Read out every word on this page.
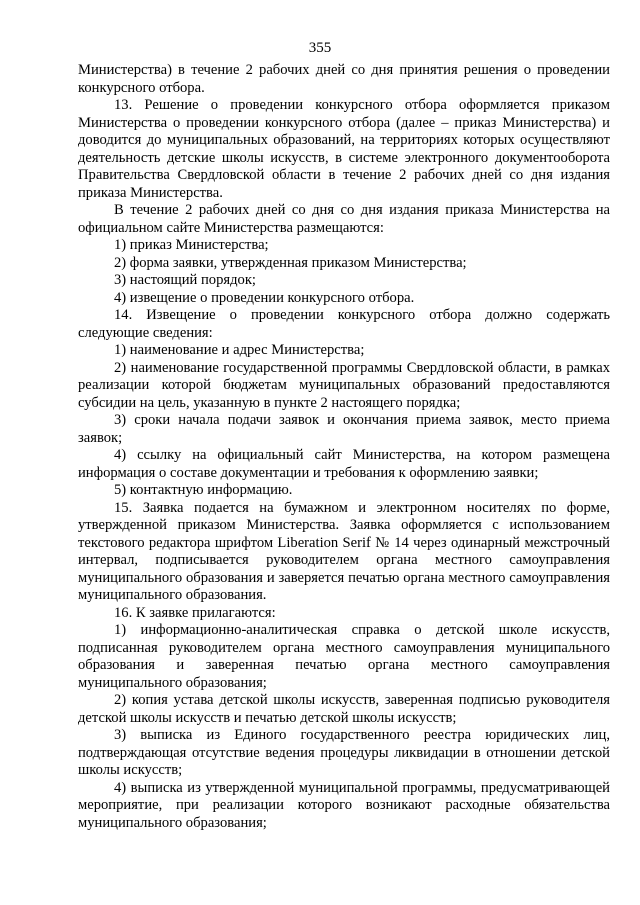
355

Министерства) в течение 2 рабочих дней со дня принятия решения о проведении конкурсного отбора.

13. Решение о проведении конкурсного отбора оформляется приказом Министерства о проведении конкурсного отбора (далее – приказ Министерства) и доводится до муниципальных образований, на территориях которых осуществляют деятельность детские школы искусств, в системе электронного документооборота Правительства Свердловской области в течение 2 рабочих дней со дня издания приказа Министерства.

В течение 2 рабочих дней со дня со дня издания приказа Министерства на официальном сайте Министерства размещаются:

1) приказ Министерства;

2) форма заявки, утвержденная приказом Министерства;

3) настоящий порядок;

4) извещение о проведении конкурсного отбора.

14. Извещение о проведении конкурсного отбора должно содержать следующие сведения:

1) наименование и адрес Министерства;

2) наименование государственной программы Свердловской области, в рамках реализации которой бюджетам муниципальных образований предоставляются субсидии на цель, указанную в пункте 2 настоящего порядка;

3) сроки начала подачи заявок и окончания приема заявок, место приема заявок;

4) ссылку на официальный сайт Министерства, на котором размещена информация о составе документации и требования к оформлению заявки;

5) контактную информацию.

15. Заявка подается на бумажном и электронном носителях по форме, утвержденной приказом Министерства. Заявка оформляется с использованием текстового редактора шрифтом Liberation Serif № 14 через одинарный межстрочный интервал, подписывается руководителем органа местного самоуправления муниципального образования и заверяется печатью органа местного самоуправления муниципального образования.

16. К заявке прилагаются:

1) информационно-аналитическая справка о детской школе искусств, подписанная руководителем органа местного самоуправления муниципального образования и заверенная печатью органа местного самоуправления муниципального образования;

2) копия устава детской школы искусств, заверенная подписью руководителя детской школы искусств и печатью детской школы искусств;

3) выписка из Единого государственного реестра юридических лиц, подтверждающая отсутствие ведения процедуры ликвидации в отношении детской школы искусств;

4) выписка из утвержденной муниципальной программы, предусматривающей мероприятие, при реализации которого возникают расходные обязательства муниципального образования;
